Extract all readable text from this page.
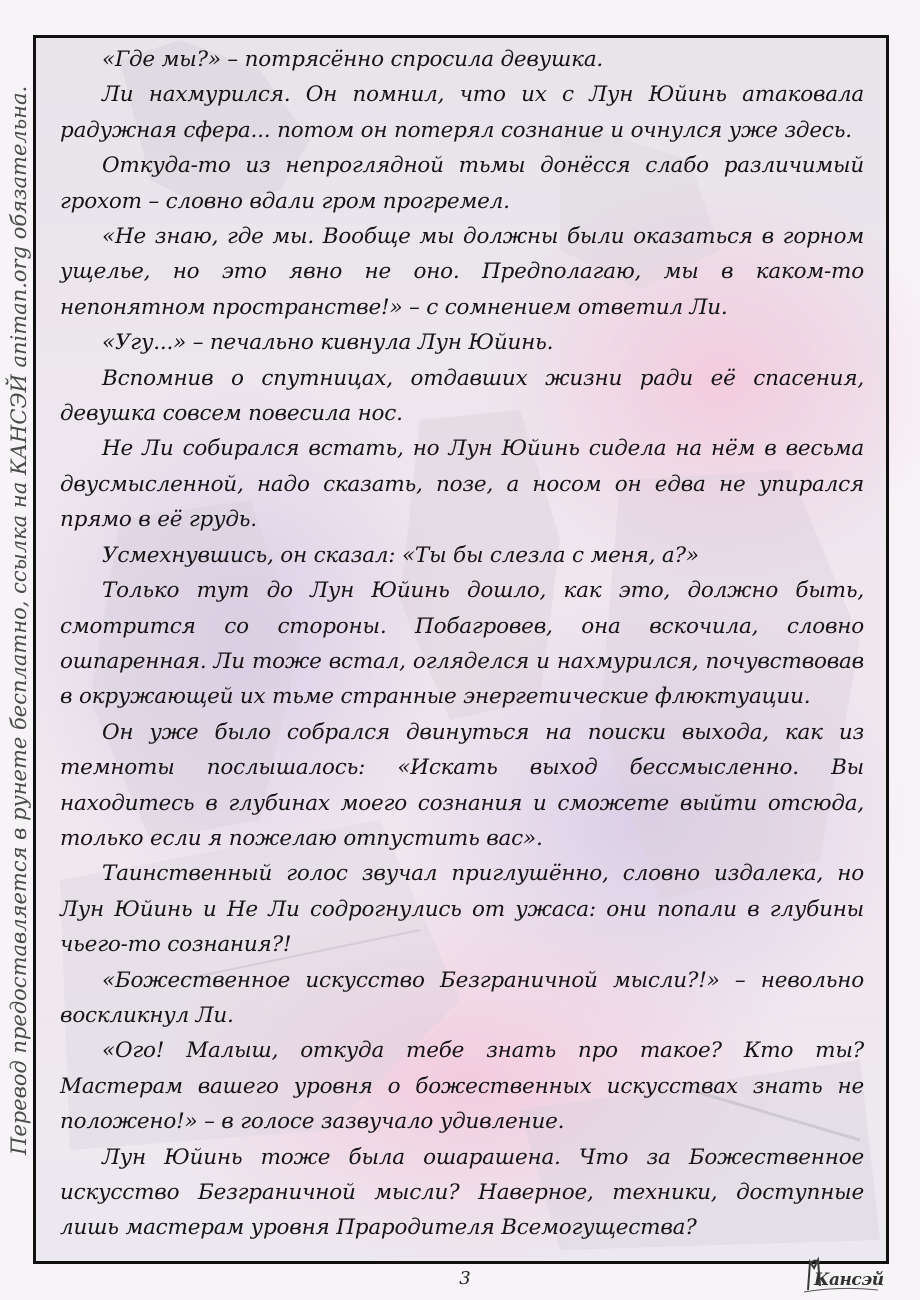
«Где мы?» – потрясённо спросила девушка.

Ли нахмурился. Он помнил, что их с Лун Юйинь атаковала радужная сфера... потом он потерял сознание и очнулся уже здесь.

Откуда-то из непроглядной тьмы донёсся слабо различимый грохот – словно вдали гром прогремел.

«Не знаю, где мы. Вообще мы должны были оказаться в горном ущелье, но это явно не оно. Предполагаю, мы в каком-то непонятном пространстве!» – с сомнением ответил Ли.

«Угу...» – печально кивнула Лун Юйинь.

Вспомнив о спутницах, отдавших жизни ради её спасения, девушка совсем повесила нос.

Не Ли собирался встать, но Лун Юйинь сидела на нём в весьма двусмысленной, надо сказать, позе, а носом он едва не упирался прямо в её грудь.

Усмехнувшись, он сказал: «Ты бы слезла с меня, а?»

Только тут до Лун Юйинь дошло, как это, должно быть, смотрится со стороны. Побагровев, она вскочила, словно ошпаренная. Ли тоже встал, огляделся и нахмурился, почувствовав в окружающей их тьме странные энергетические флюктуации.

Он уже было собрался двинуться на поиски выхода, как из темноты послышалось: «Искать выход бессмысленно. Вы находитесь в глубинах моего сознания и сможете выйти отсюда, только если я пожелаю отпустить вас».

Таинственный голос звучал приглушённо, словно издалека, но Лун Юйинь и Не Ли содрогнулись от ужаса: они попали в глубины чьего-то сознания?!

«Божественное искусство Безграничной мысли?!» – невольно воскликнул Ли.

«Ого! Малыш, откуда тебе знать про такое? Кто ты? Мастерам вашего уровня о божественных искусствах знать не положено!» – в голосе зазвучало удивление.

Лун Юйинь тоже была ошарашена. Что за Божественное искусство Безграничной мысли? Наверное, техники, доступные лишь мастерам уровня Прародителя Всемогущества?

Перевод предоставляется в рунете бесплатно, ссылка на КАНСЭЙ animan.org обязательна.
3	Кансэй
